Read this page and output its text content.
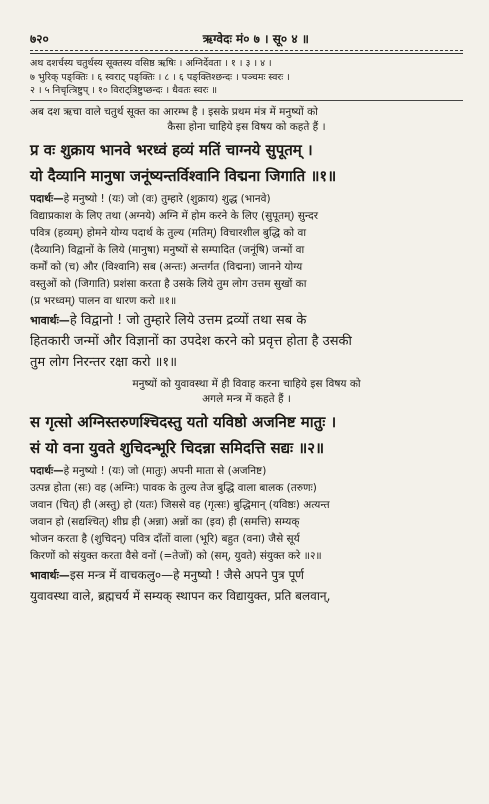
७२०	ऋग्वेदः मं० ७ । सू० ४ ॥
अथ दशर्चस्य चतुर्थस्य सूक्तस्य वसिष्ठ ऋषिः । अग्निर्देवता । १ । ३ । ४ ।
७ भुरिक् पङ्क्तिः । ६ स्वराट् पङ्क्तिः । ८ । ६ पङ्क्तिश्छन्दः । पञ्चमः स्वरः ।
२ । ५ निचृत्त्रिष्टुप् । १० विराट्त्रिष्टुप्छन्दः । धैवतः स्वरः ॥
अब दश ऋचा वाले चतुर्थ सूक्त का आरम्भ है । इसके प्रथम मंत्र में मनुष्यों को
कैसा होना चाहिये इस विषय को कहते हैं ।
प्र वः शुक्राय भानवे भरध्वं हव्यं मतिं चाग्नये सुपूतम् ।
यो दैव्यानि मानुषा जनूंष्यन्तर्विश्वानि विद्मना जिगाति ॥१॥
पदार्थः—हे मनुष्यो ! (यः) जो (वः) तुम्हारे (शुक्राय) शुद्ध (भानवे)
विद्याप्रकाश के लिए तथा (अग्नये) अग्नि में होम करने के लिए (सुपूतम्) सुन्दर
पवित्र (हव्यम्) होमने योग्य पदार्थ के तुल्य (मतिम्) विचारशील बुद्धि को वा
(दैव्यानि) विद्वानों के लिये (मानुषा) मनुष्यों से सम्पादित (जनूंषि) जन्मों वा
कर्मों को (च) और (विश्वानि) सब (अन्तः) अन्तर्गत (विद्मना) जानने योग्य
वस्तुओं को (जिगाति) प्रशंसा करता है उसके लिये तुम लोग उत्तम सुखों का
(प्र भरध्वम्) पालन वा धारण करो ॥१॥
भावार्थः—हे विद्वानो ! जो तुम्हारे लिये उत्तम द्रव्यों तथा सब के
हितकारी जन्मों और विज्ञानों का उपदेश करने को प्रवृत्त होता है उसकी
तुम लोग निरन्तर रक्षा करो ॥१॥
मनुष्यों को युवावस्था में ही विवाह करना चाहिये इस विषय को
अगले मन्त्र में कहते हैं ।
स गृत्सो अग्निस्तरुणश्चिदस्तु यतो यविष्ठो अजनिष्ट मातुः ।
सं यो वना युवते शुचिदन्भूरि चिदन्ना समिदत्ति सद्यः ॥२॥
पदार्थः—हे मनुष्यो ! (यः) जो (मातुः) अपनी माता से (अजनिष्ट)
उत्पन्न होता (सः) वह (अग्निः) पावक के तुल्य तेज बुद्धि वाला बालक (तरुणः)
जवान (चित्) ही (अस्तु) हो (यतः) जिससे वह (गृत्सः) बुद्धिमान् (यविष्ठः) अत्यन्त
जवान हो (सद्यश्चित्) शीघ्र ही (अन्ना) अन्नों का (इव) ही (समत्ति) सम्यक्
भोजन करता है (शुचिदन्) पवित्र दाँतों वाला (भूरि) बहुत (वना) जैसे सूर्य
किरणों को संयुक्त करता वैसे वनों (=तेजों) को (सम्, युवते) संयुक्त करे ॥२॥
भावार्थः—इस मन्त्र में वाचकलु०—हे मनुष्यो ! जैसे अपने पुत्र पूर्ण
युवावस्था वाले, ब्रह्मचर्य में सम्यक् स्थापन कर विद्यायुक्त, प्रति बलवान्,
